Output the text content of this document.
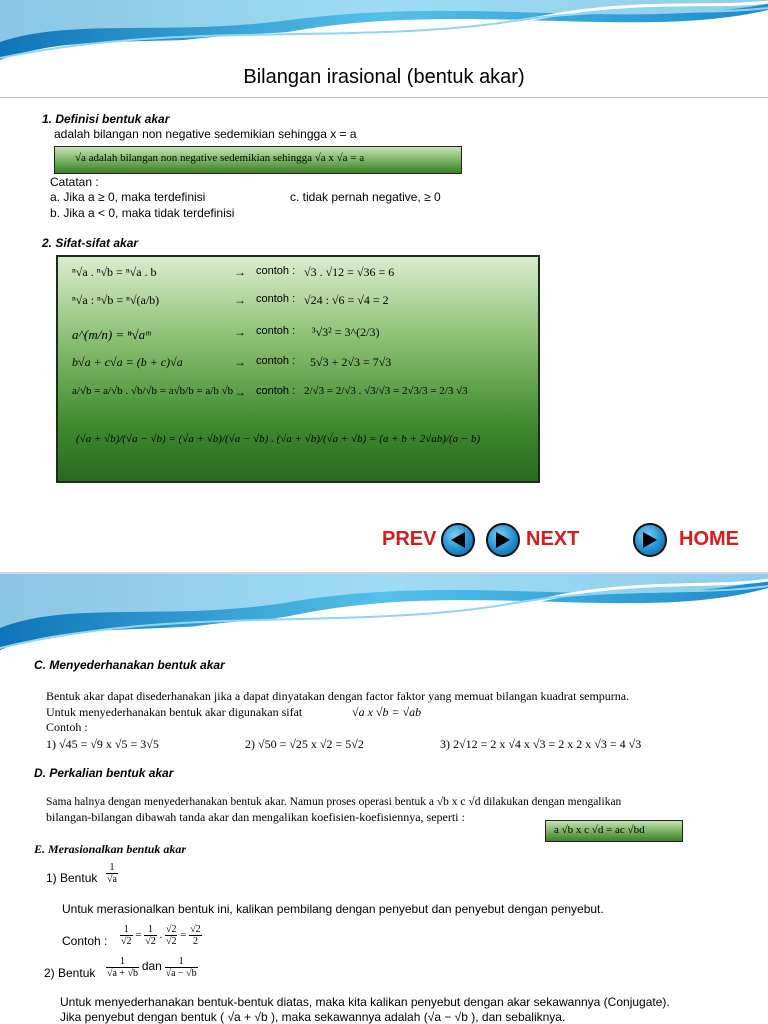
Bilangan irasional (bentuk akar)
1. Definisi bentuk akar
adalah bilangan non negative sedemikian sehingga x = a
√a adalah bilangan non negative sedemikian sehingga √a x √a = a
Catatan :
a. Jika a ≥ 0, maka terdefinisi	c. tidak pernah negative, ≥ 0
b. Jika a < 0, maka tidak terdefinisi
2. Sifat-sifat akar
ⁿ√a . ⁿ√b = ⁿ√a . b	→ contoh : √3 . √12 = √36 = 6
ⁿ√a : ⁿ√b = ⁿ√(a/b)	→ contoh : √24 : √6 = √4 = 2
a^(m/n) = ⁿ√aᵐ	→ contoh : ³√3² = 3^(2/3)
b√a + c√a = (b + c)√a	→ contoh : 5√3 + 2√3 = 7√3
a/√b = a/√b . √b/√b = a√b/b = a/b √b → contoh : 2/√3 = 2/√3 . √3/√3 = 2√3/3 = 2/3 √3
(√a + √b)/(√a − √b) = (√a + √b)/(√a − √b) . (√a + √b)/(√a + √b) = (a + b + 2√ab)/(a − b)
PREV	NEXT	HOME
C. Menyederhanakan bentuk akar
Bentuk akar dapat disederhanakan jika a dapat dinyatakan dengan factor faktor yang memuat bilangan kuadrat sempurna.
Untuk menyederhanakan bentuk akar digunakan sifat	√a x √b = √ab
Contoh :
1) √45 = √9 x √5 = 3√5	2) √50 = √25 x √2 = 5√2	3) 2√12 = 2 x √4 x √3 = 2 x 2 x √3 = 4 √3
D. Perkalian bentuk akar
Sama halnya dengan menyederhanakan bentuk akar. Namun proses operasi bentuk a √b x c √d dilakukan dengan mengalikan
bilangan-bilangan dibawah tanda akar dan mengalikan koefisien-koefisiennya, seperti :
a √b x c √d = ac √bd
E. Merasionalkan bentuk akar
1) Bentuk $\frac{1}{√a}$
Untuk merasionalkan bentuk ini, kalikan pembilang dengan penyebut dan penyebut dengan penyebut.
Contoh : $\frac{1}{√2} = \frac{1}{√2}$ . $\frac{√2}{√2} = \frac{√2}{2}$
2) Bentuk $\frac{1}{√a + √b}$ dan $\frac{1}{√a - √b}$
Untuk menyederhanakan bentuk-bentuk diatas, maka kita kalikan penyebut dengan akar sekawannya (Conjugate).
Jika penyebut dengan bentuk ( √a + √b ), maka sekawannya adalah (√a − √b ), dan sebaliknya.
